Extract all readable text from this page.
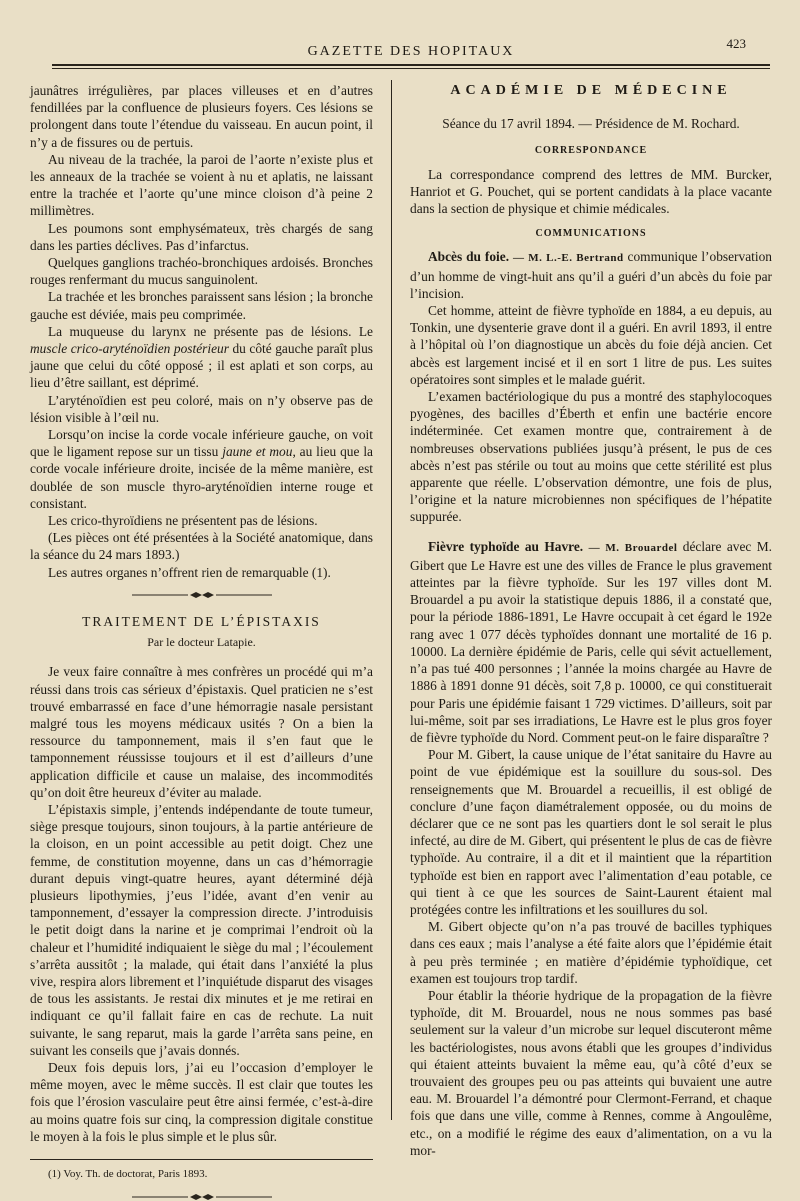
GAZETTE DES HOPITAUX
423

jaunâtres irrégulières, par places villeuses et en d’autres fendillées par la confluence de plusieurs foyers. Ces lésions se prolongent dans toute l’étendue du vaisseau. En aucun point, il n’y a de fissures ou de pertuis.

Au niveau de la trachée, la paroi de l’aorte n’existe plus et les anneaux de la trachée se voient à nu et aplatis, ne laissant entre la trachée et l’aorte qu’une mince cloison d’à peine 2 millimètres.

Les poumons sont emphysémateux, très chargés de sang dans les parties déclives. Pas d’infarctus.

Quelques ganglions trachéo-bronchiques ardoisés. Bronches rouges renfermant du mucus sanguinolent.

La trachée et les bronches paraissent sans lésion ; la bronche gauche est déviée, mais peu comprimée.

La muqueuse du larynx ne présente pas de lésions. Le muscle crico-aryténoïdien postérieur du côté gauche paraît plus jaune que celui du côté opposé ; il est aplati et son corps, au lieu d’être saillant, est déprimé.

L’aryténoïdien est peu coloré, mais on n’y observe pas de lésion visible à l’œil nu.

Lorsqu’on incise la corde vocale inférieure gauche, on voit que le ligament repose sur un tissu jaune et mou, au lieu que la corde vocale inférieure droite, incisée de la même manière, est doublée de son muscle thyro-aryténoïdien interne rouge et consistant.

Les crico-thyroïdiens ne présentent pas de lésions.

(Les pièces ont été présentées à la Société anatomique, dans la séance du 24 mars 1893.)

Les autres organes n’offrent rien de remarquable (1).

TRAITEMENT DE L’ÉPISTAXIS
Par le docteur Latapie.

Je veux faire connaître à mes confrères un procédé qui m’a réussi dans trois cas sérieux d’épistaxis. Quel praticien ne s’est trouvé embarrassé en face d’une hémorragie nasale persistant malgré tous les moyens médicaux usités ? On a bien la ressource du tamponnement, mais il s’en faut que le tamponnement réussisse toujours et il est d’ailleurs d’une application difficile et cause un malaise, des incommodités qu’on doit être heureux d’éviter au malade.

L’épistaxis simple, j’entends indépendante de toute tumeur, siège presque toujours, sinon toujours, à la partie antérieure de la cloison, en un point accessible au petit doigt. Chez une femme, de constitution moyenne, dans un cas d’hémorragie durant depuis vingt-quatre heures, ayant déterminé déjà plusieurs lipothymies, j’eus l’idée, avant d’en venir au tamponnement, d’essayer la compression directe. J’introduisis le petit doigt dans la narine et je comprimai l’endroit où la chaleur et l’humidité indiquaient le siège du mal ; l’écoulement s’arrêta aussitôt ; la malade, qui était dans l’anxiété la plus vive, respira alors librement et l’inquiétude disparut des visages de tous les assistants. Je restai dix minutes et je me retirai en indiquant ce qu’il fallait faire en cas de rechute. La nuit suivante, le sang reparut, mais la garde l’arrêta sans peine, en suivant les conseils que j’avais donnés.

Deux fois depuis lors, j’ai eu l’occasion d’employer le même moyen, avec le même succès. Il est clair que toutes les fois que l’érosion vasculaire peut être ainsi fermée, c’est-à-dire au moins quatre fois sur cinq, la compression digitale constitue le moyen à la fois le plus simple et le plus sûr.

(1) Voy. Th. de doctorat, Paris 1893.

ACADÉMIE DE MÉDECINE
Séance du 17 avril 1894. — Présidence de M. Rochard.
CORRESPONDANCE

La correspondance comprend des lettres de MM. Burcker, Hanriot et G. Pouchet, qui se portent candidats à la place vacante dans la section de physique et chimie médicales.

COMMUNICATIONS

Abcès du foie. — M. L.-E. Bertrand communique l’observation d’un homme de vingt-huit ans qu’il a guéri d’un abcès du foie par l’incision.

Cet homme, atteint de fièvre typhoïde en 1884, a eu depuis, au Tonkin, une dysenterie grave dont il a guéri. En avril 1893, il entre à l’hôpital où l’on diagnostique un abcès du foie déjà ancien. Cet abcès est largement incisé et il en sort 1 litre de pus. Les suites opératoires sont simples et le malade guérit.

L’examen bactériologique du pus a montré des staphylocoques pyogènes, des bacilles d’Éberth et enfin une bactérie encore indéterminée. Cet examen montre que, contrairement à de nombreuses observations publiées jusqu’à présent, le pus de ces abcès n’est pas stérile ou tout au moins que cette stérilité est plus apparente que réelle. L’observation démontre, une fois de plus, l’origine et la nature microbiennes non spécifiques de l’hépatite suppurée.

Fièvre typhoïde au Havre. — M. Brouardel déclare avec M. Gibert que Le Havre est une des villes de France le plus gravement atteintes par la fièvre typhoïde. Sur les 197 villes dont M. Brouardel a pu avoir la statistique depuis 1886, il a constaté que, pour la période 1886-1891, Le Havre occupait à cet égard le 192e rang avec 1 077 décès typhoïdes donnant une mortalité de 16 p. 10000. La dernière épidémie de Paris, celle qui sévit actuellement, n’a pas tué 400 personnes ; l’année la moins chargée au Havre de 1886 à 1891 donne 91 décès, soit 7,8 p. 10000, ce qui constituerait pour Paris une épidémie faisant 1 729 victimes. D’ailleurs, soit par lui-même, soit par ses irradiations, Le Havre est le plus gros foyer de fièvre typhoïde du Nord. Comment peut-on le faire disparaître ?

Pour M. Gibert, la cause unique de l’état sanitaire du Havre au point de vue épidémique est la souillure du sous-sol. Des renseignements que M. Brouardel a recueillis, il est obligé de conclure d’une façon diamétralement opposée, ou du moins de déclarer que ce ne sont pas les quartiers dont le sol serait le plus infecté, au dire de M. Gibert, qui présentent le plus de cas de fièvre typhoïde. Au contraire, il a dit et il maintient que la répartition typhoïde est bien en rapport avec l’alimentation d’eau potable, ce qui tient à ce que les sources de Saint-Laurent étaient mal protégées contre les infiltrations et les souillures du sol.

M. Gibert objecte qu’on n’a pas trouvé de bacilles typhiques dans ces eaux ; mais l’analyse a été faite alors que l’épidémie était à peu près terminée ; en matière d’épidémie typhoïdique, cet examen est toujours trop tardif.

Pour établir la théorie hydrique de la propagation de la fièvre typhoïde, dit M. Brouardel, nous ne nous sommes pas basé seulement sur la valeur d’un microbe sur lequel discuteront même les bactériologistes, nous avons établi que les groupes d’individus qui étaient atteints buvaient la même eau, qu’à côté d’eux se trouvaient des groupes peu ou pas atteints qui buvaient une autre eau. M. Brouardel l’a démontré pour Clermont-Ferrand, et chaque fois que dans une ville, comme à Rennes, comme à Angoulême, etc., on a modifié le régime des eaux d’alimentation, on a vu la mor-
